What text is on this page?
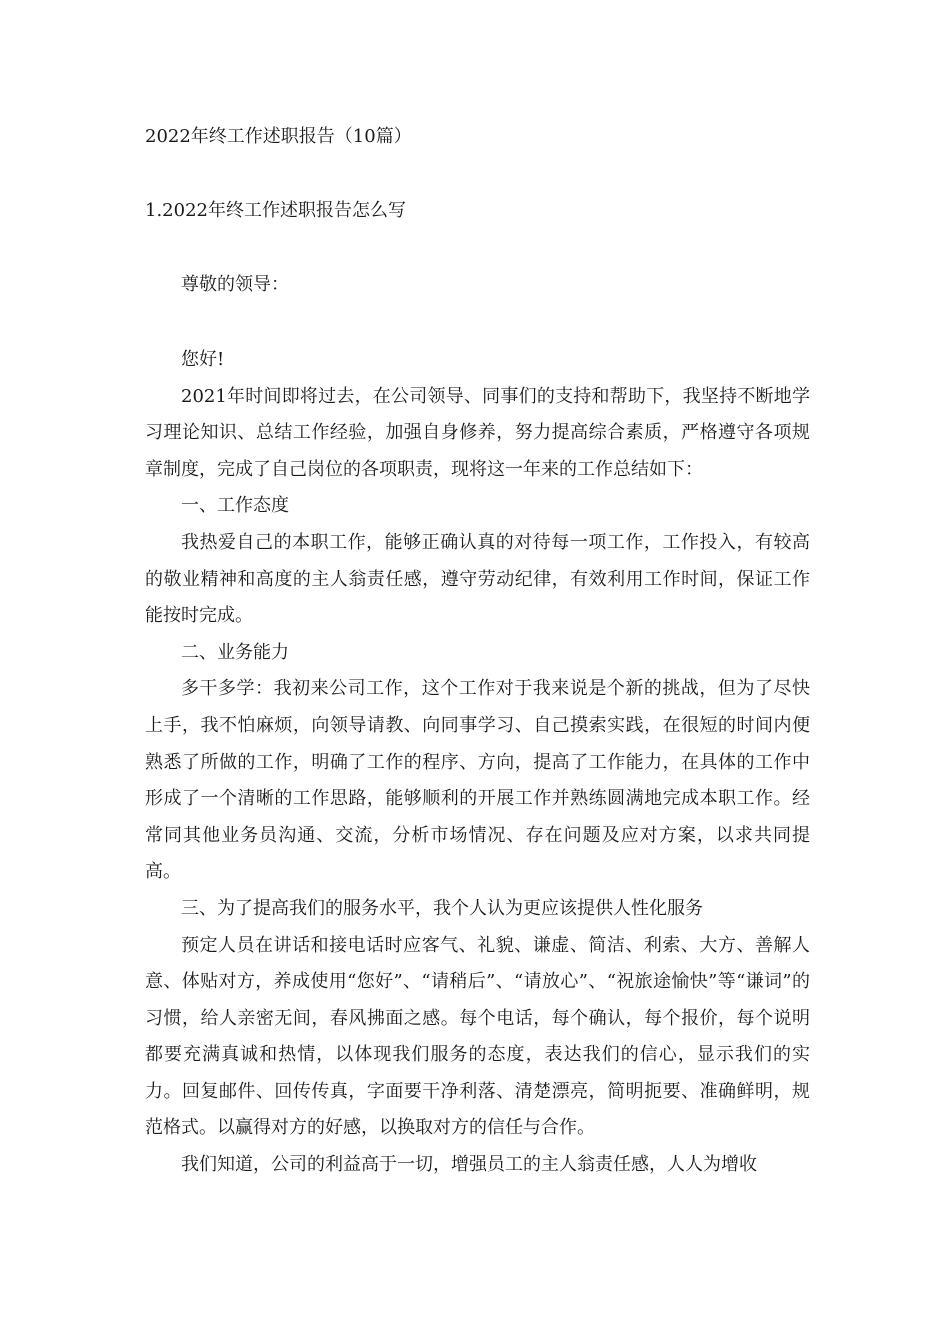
2022年终工作述职报告（10篇）
1.2022年终工作述职报告怎么写
尊敬的领导：

您好!

2021年时间即将过去，在公司领导、同事们的支持和帮助下，我坚持不断地学习理论知识、总结工作经验，加强自身修养，努力提高综合素质，严格遵守各项规章制度，完成了自己岗位的各项职责，现将这一年来的工作总结如下：

一、工作态度

我热爱自己的本职工作，能够正确认真的对待每一项工作，工作投入，有较高的敬业精神和高度的主人翁责任感，遵守劳动纪律，有效利用工作时间，保证工作能按时完成。

二、业务能力

多干多学：我初来公司工作，这个工作对于我来说是个新的挑战，但为了尽快上手，我不怕麻烦，向领导请教、向同事学习、自己摸索实践，在很短的时间内便熟悉了所做的工作，明确了工作的程序、方向，提高了工作能力，在具体的工作中形成了一个清晰的工作思路，能够顺利的开展工作并熟练圆满地完成本职工作。经常同其他业务员沟通、交流，分析市场情况、存在问题及应对方案，以求共同提高。

三、为了提高我们的服务水平，我个人认为更应该提供人性化服务

预定人员在讲话和接电话时应客气、礼貌、谦虚、简洁、利索、大方、善解人意、体贴对方，养成使用“您好”、“请稍后”、“请放心”、“祝旅途愉快”等“谦词”的习惯，给人亲密无间，春风拂面之感。每个电话，每个确认，每个报价，每个说明都要充满真诚和热情，以体现我们服务的态度，表达我们的信心，显示我们的实力。回复邮件、回传传真，字面要干净利落、清楚漂亮，简明扼要、准确鲜明，规范格式。以赢得对方的好感，以换取对方的信任与合作。

我们知道，公司的利益高于一切，增强员工的主人翁责任感，人人为增收
